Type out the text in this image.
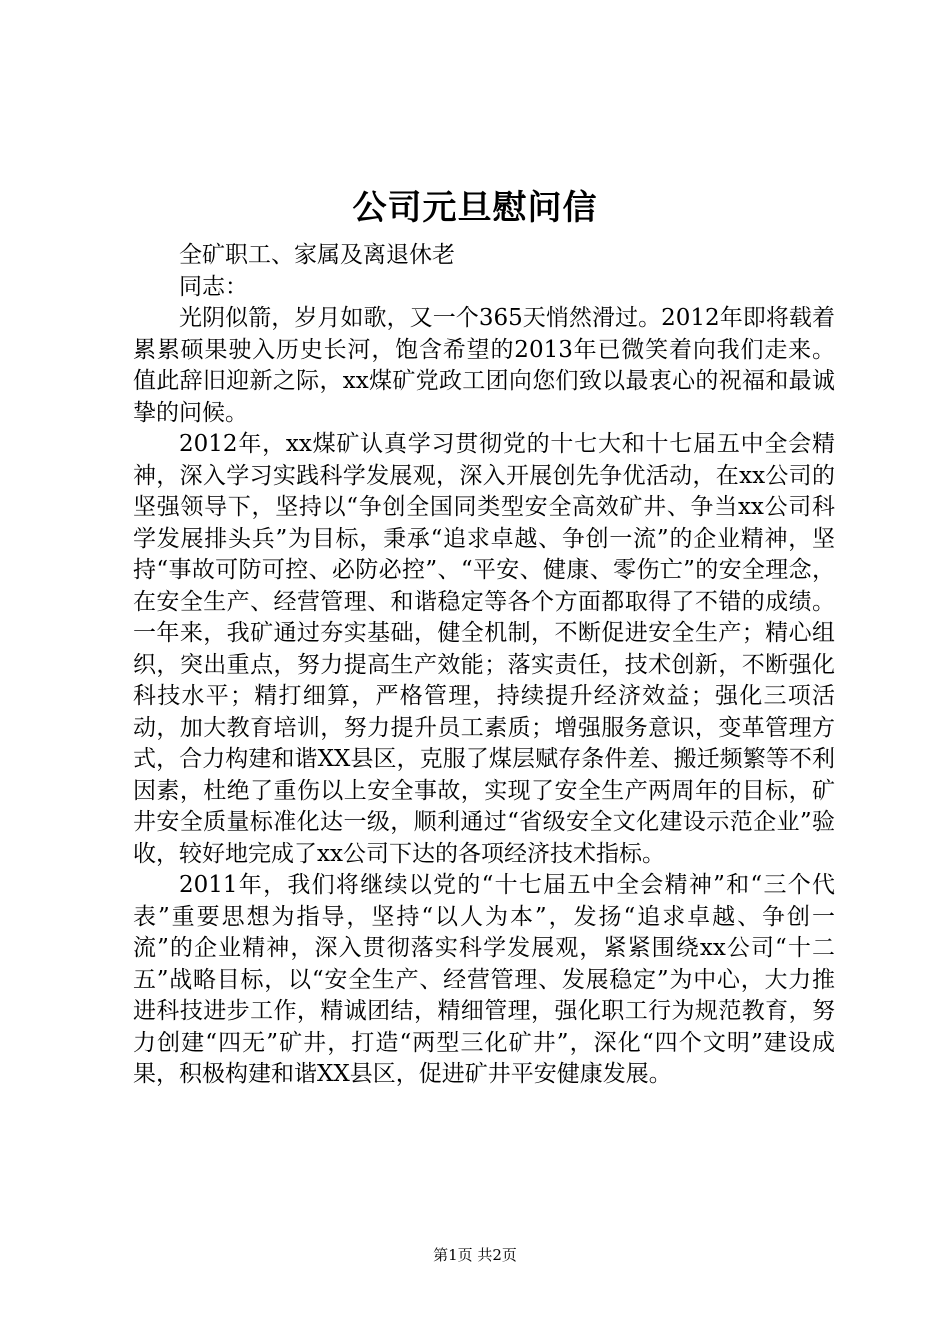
公司元旦慰问信
全矿职工、家属及离退休老
同志：

光阴似箭，岁月如歌，又一个365天悄然滑过。2012年即将载着累累硕果驶入历史长河，饱含希望的2013年已微笑着向我们走来。值此辞旧迎新之际，xx煤矿党政工团向您们致以最衷心的祝福和最诚挚的问候。

2012年，xx煤矿认真学习贯彻党的十七大和十七届五中全会精神，深入学习实践科学发展观，深入开展创先争优活动，在xx公司的坚强领导下，坚持以“争创全国同类型安全高效矿井、争当xx公司科学发展排头兵”为目标，秉承“追求卓越、争创一流”的企业精神，坚持“事故可防可控、必防必控”、“平安、健康、零伤亡”的安全理念，在安全生产、经营管理、和谐稳定等各个方面都取得了不错的成绩。一年来，我矿通过夯实基础，健全机制，不断促进安全生产；精心组织，突出重点，努力提高生产效能；落实责任，技术创新，不断强化科技水平；精打细算，严格管理，持续提升经济效益；强化三项活动，加大教育培训，努力提升员工素质；增强服务意识，变革管理方式，合力构建和谐XX县区，克服了煤层赋存条件差、搬迁频繁等不利因素，杜绝了重伤以上安全事故，实现了安全生产两周年的目标，矿井安全质量标准化达一级，顺利通过“省级安全文化建设示范企业”验收，较好地完成了xx公司下达的各项经济技术指标。

2011年，我们将继续以党的“十七届五中全会精神”和“三个代表”重要思想为指导，坚持“以人为本”，发扬“追求卓越、争创一流”的企业精神，深入贯彻落实科学发展观，紧紧围绕xx公司“十二五”战略目标，以“安全生产、经营管理、发展稳定”为中心，大力推进科技进步工作，精诚团结，精细管理，强化职工行为规范教育，努力创建“四无”矿井，打造“两型三化矿井”，深化“四个文明”建设成果，积极构建和谐XX县区，促进矿井平安健康发展。

第1页 共2页
